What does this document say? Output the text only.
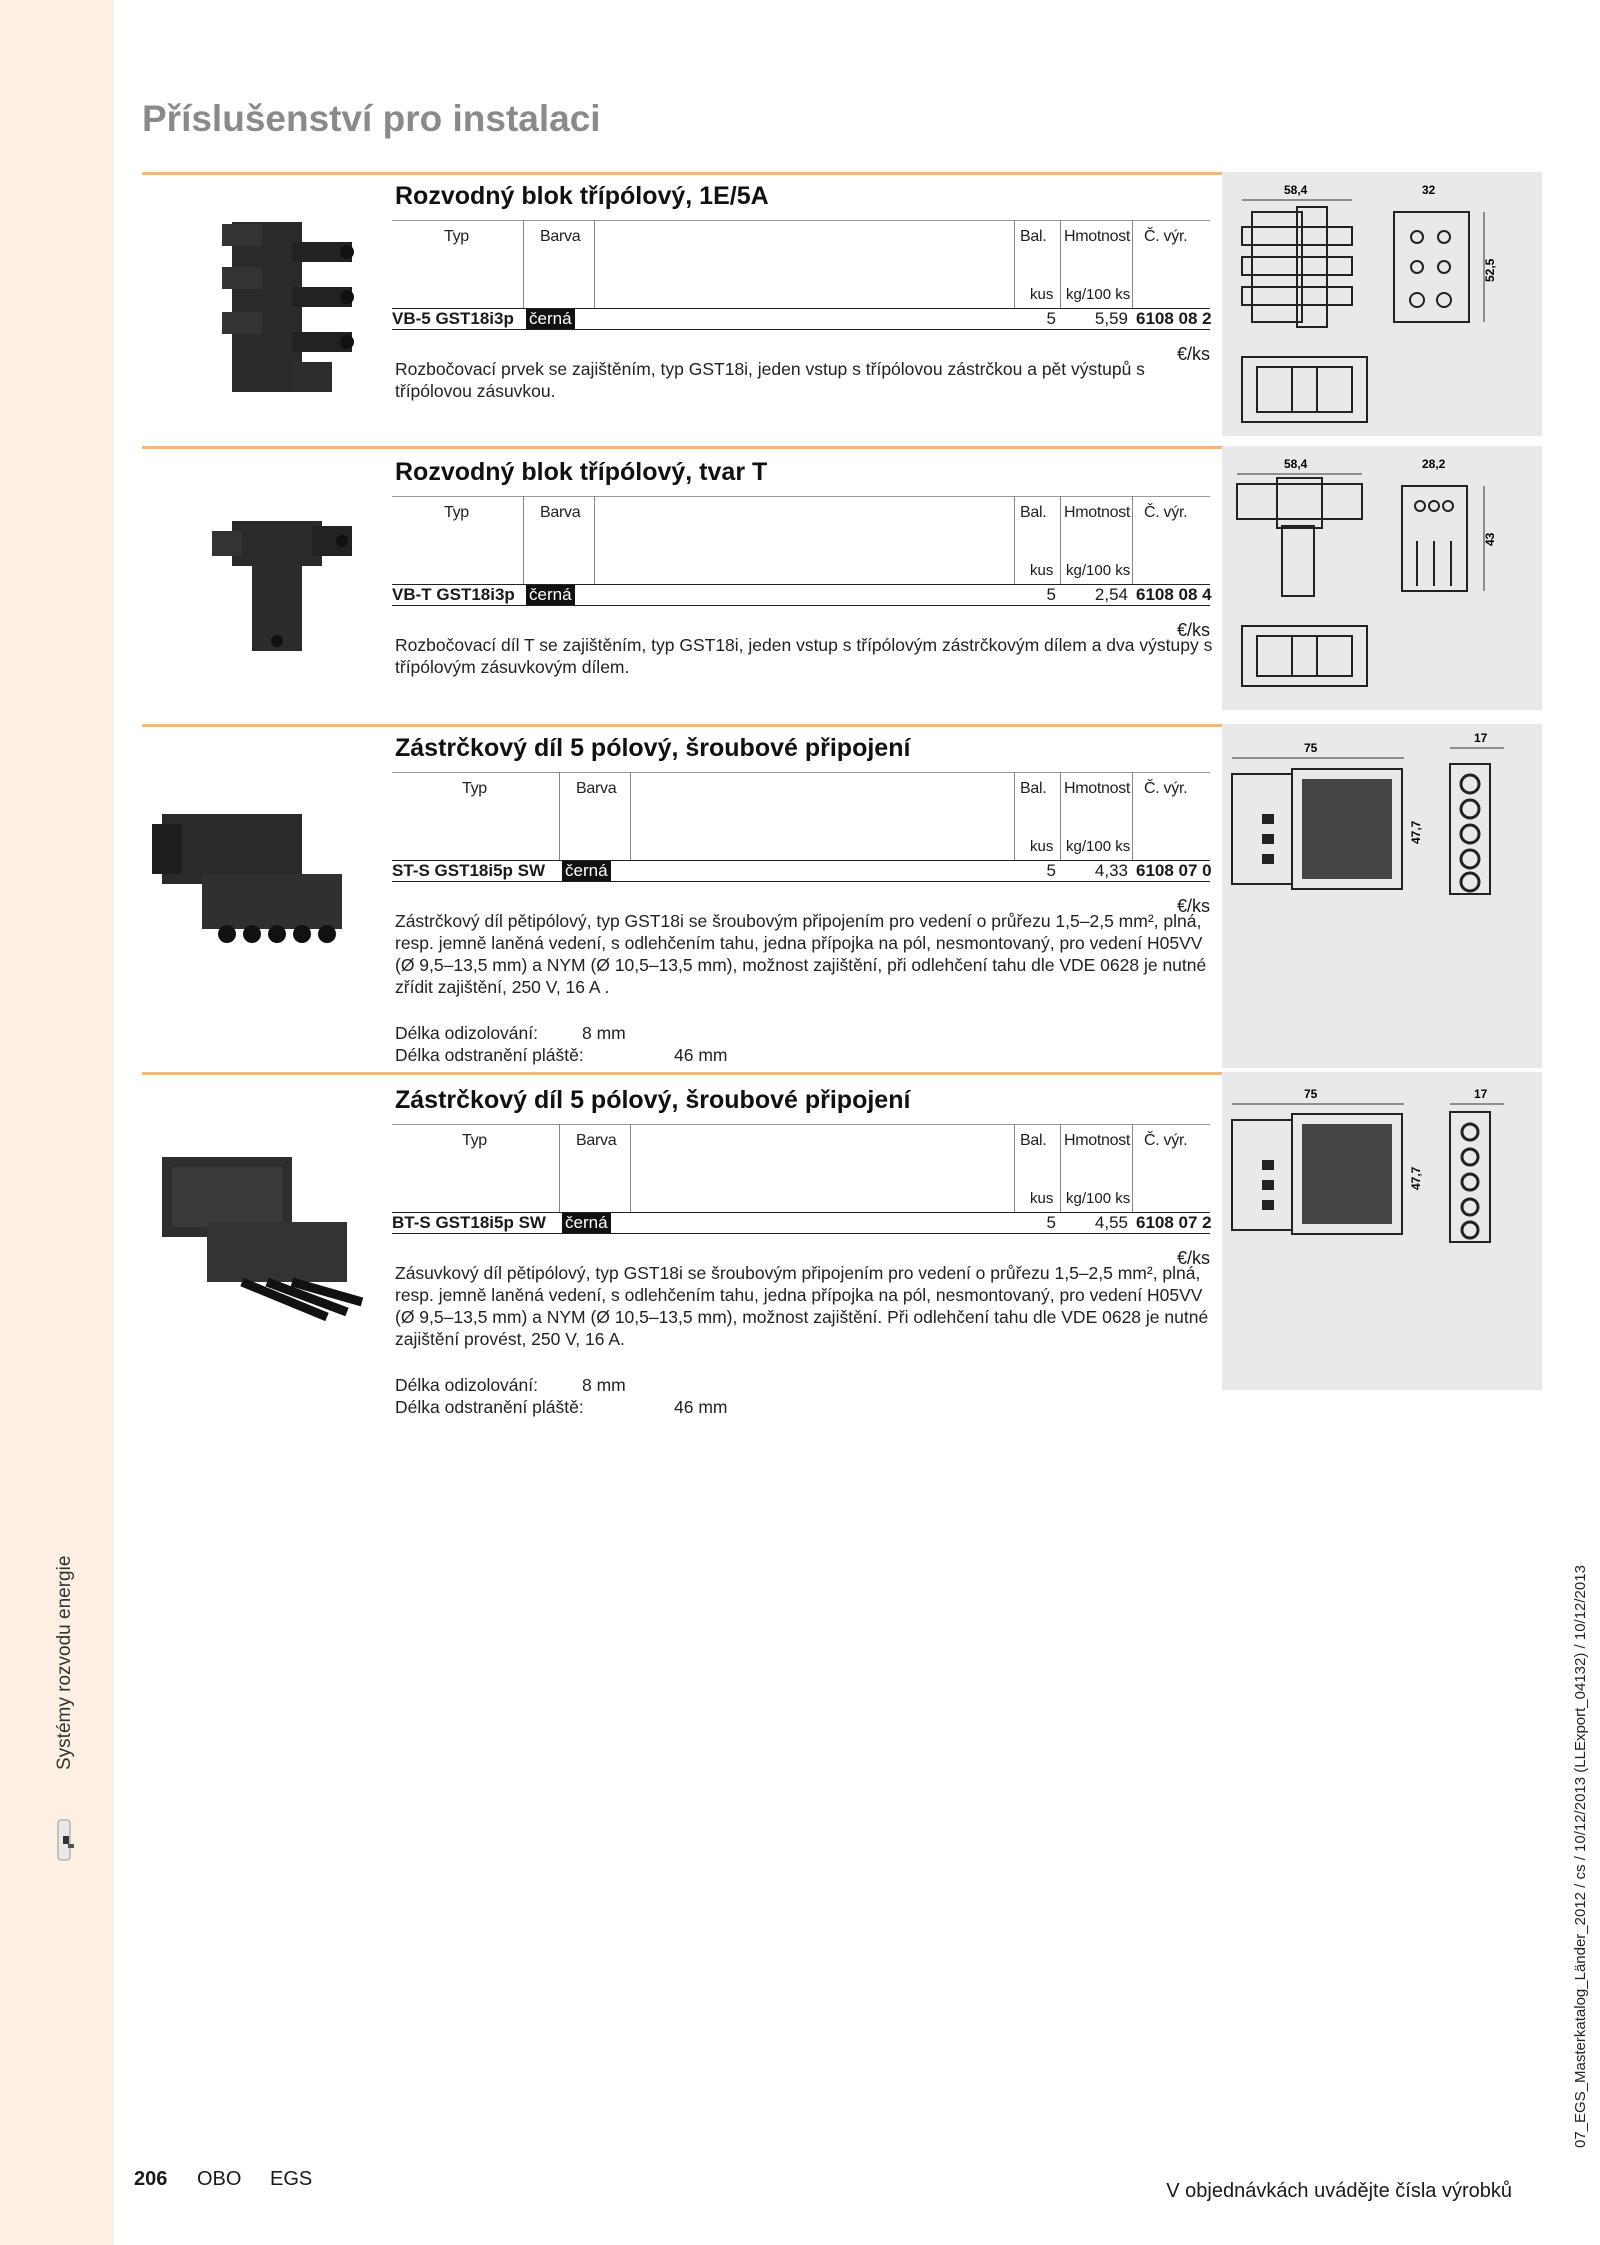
Systémy rozvodu energie
Příslušenství pro instalaci
58,4	32
52,5
Rozvodný blok třípólový, 1E/5A
Typ	Barva	Bal. Hmotnost Č. výr.
kus kg/100 ks
VB-5 GST18i3p černá	5	5,59 6108 08 2
€/ks
Rozbočovací prvek se zajištěním, typ GST18i, jeden vstup s třípólovou zástrčkou a pět výstupů s třípólovou zásuvkou.
58,4	28,2
43
Rozvodný blok třípólový, tvar T
Typ	Barva	Bal. Hmotnost Č. výr.
kus kg/100 ks
VB-T GST18i3p černá	5	2,54 6108 08 4
€/ks
Rozbočovací díl T se zajištěním, typ GST18i, jeden vstup s třípólovým zástrčkovým dílem a dva výstupy s třípólovým zásuvkovým dílem.
75
17
47,7
Zástrčkový díl 5 pólový, šroubové připojení
Typ	Barva	Bal. Hmotnost Č. výr.
kus kg/100 ks
ST-S GST18i5p SW černá	5	4,33 6108 07 0
€/ks
Zástrčkový díl pětipólový, typ GST18i se šroubovým připojením pro vedení o průřezu 1,5–2,5 mm², plná, resp. jemně laněná vedení, s odlehčením tahu, jedna přípojka na pól, nesmontovaný, pro vedení H05VV (Ø 9,5–13,5 mm) a NYM (Ø 10,5–13,5 mm), možnost zajištění, při odlehčení tahu dle VDE 0628 je nutné zřídit zajištění, 250 V, 16 A .
Délka odizolování:	8 mm
Délka odstranění pláště:	46 mm
75	17
47,7
Zástrčkový díl 5 pólový, šroubové připojení
Typ	Barva	Bal. Hmotnost Č. výr.
kus kg/100 ks
BT-S GST18i5p SW černá	5	4,55 6108 07 2
€/ks
Zásuvkový díl pětipólový, typ GST18i se šroubovým připojením pro vedení o průřezu 1,5–2,5 mm², plná, resp. jemně laněná vedení, s odlehčením tahu, jedna přípojka na pól, nesmontovaný, pro vedení H05VV (Ø 9,5–13,5 mm) a NYM (Ø 10,5–13,5 mm), možnost zajištění. Při odlehčení tahu dle VDE 0628 je nutné zajištění provést, 250 V, 16 A.
Délka odizolování:	8 mm
Délka odstranění pláště:	46 mm
206 OBO EGS
V objednávkách uvádějte čísla výrobků
07_EGS_Masterkatalog_Länder_2012 / cs / 10/12/2013 (LLExport_04132) / 10/12/2013
